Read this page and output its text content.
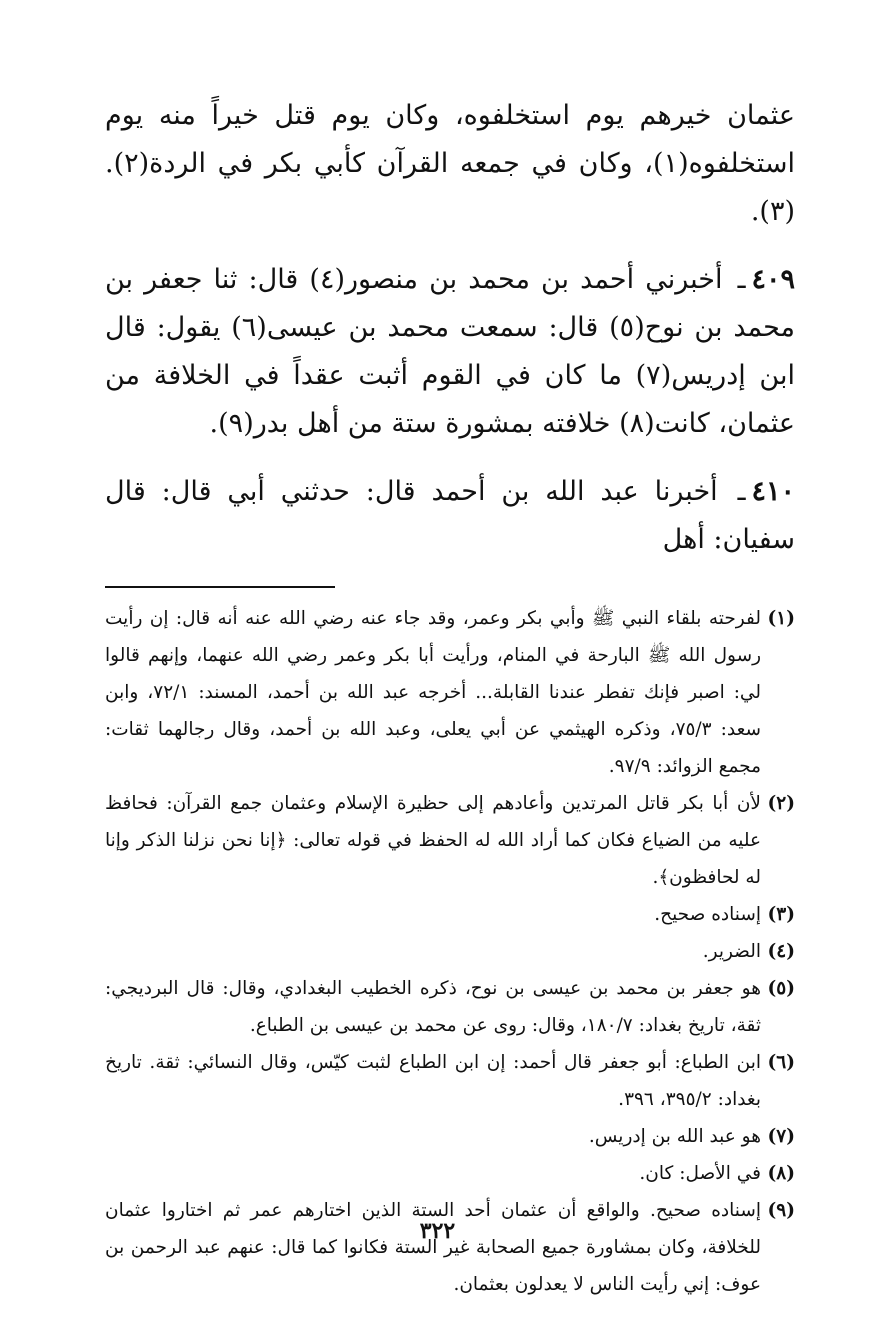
عثمان خيرهم يوم استخلفوه، وكان يوم قتل خيراً منه يوم استخلفوه(١)، وكان في جمعه القرآن كأبي بكر في الردة(٢). (٣).

٤٠٩ـ أخبرني أحمد بن محمد بن منصور(٤) قال: ثنا جعفر بن محمد بن نوح(٥) قال: سمعت محمد بن عيسى(٦) يقول: قال ابن إدريس(٧) ما كان في القوم أثبت عقداً في الخلافة من عثمان، كانت(٨) خلافته بمشورة ستة من أهل بدر(٩).

٤١٠ـ أخبرنا عبد الله بن أحمد قال: حدثني أبي قال: قال سفيان: أهل

(١)
لفرحته بلقاء النبي ﷺ وأبي بكر وعمر، وقد جاء عنه رضي الله عنه أنه قال: إن رأيت رسول الله ﷺ البارحة في المنام، ورأيت أبا بكر وعمر رضي الله عنهما، وإنهم قالوا لي: اصبر فإنك تفطر عندنا القابلة... أخرجه عبد الله بن أحمد، المسند: ٧٢/١، وابن سعد: ٧٥/٣، وذكره الهيثمي عن أبي يعلى، وعبد الله بن أحمد، وقال رجالهما ثقات: مجمع الزوائد: ٩٧/٩.
(٢)
لأن أبا بكر قاتل المرتدين وأعادهم إلى حظيرة الإسلام وعثمان جمع القرآن: فحافظ عليه من الضياع فكان كما أراد الله له الحفظ في قوله تعالى: ﴿إنا نحن نزلنا الذكر وإنا له لحافظون﴾.
(٣)
إسناده صحيح.
(٤)
الضرير.
(٥)
هو جعفر بن محمد بن عيسى بن نوح، ذكره الخطيب البغدادي، وقال: قال البرديجي: ثقة، تاريخ بغداد: ١٨٠/٧، وقال: روى عن محمد بن عيسى بن الطباع.
(٦)
ابن الطباع: أبو جعفر قال أحمد: إن ابن الطباع لثبت كيّس، وقال النسائي: ثقة. تاريخ بغداد: ٣٩٥/٢، ٣٩٦.
(٧)
هو عبد الله بن إدريس.
(٨)
في الأصل: كان.
(٩)
إسناده صحيح. والواقع أن عثمان أحد الستة الذين اختارهم عمر ثم اختاروا عثمان للخلافة، وكان بمشاورة جميع الصحابة غير الستة فكانوا كما قال: عنهم عبد الرحمن بن عوف: إني رأيت الناس لا يعدلون بعثمان.
٣٢٢
